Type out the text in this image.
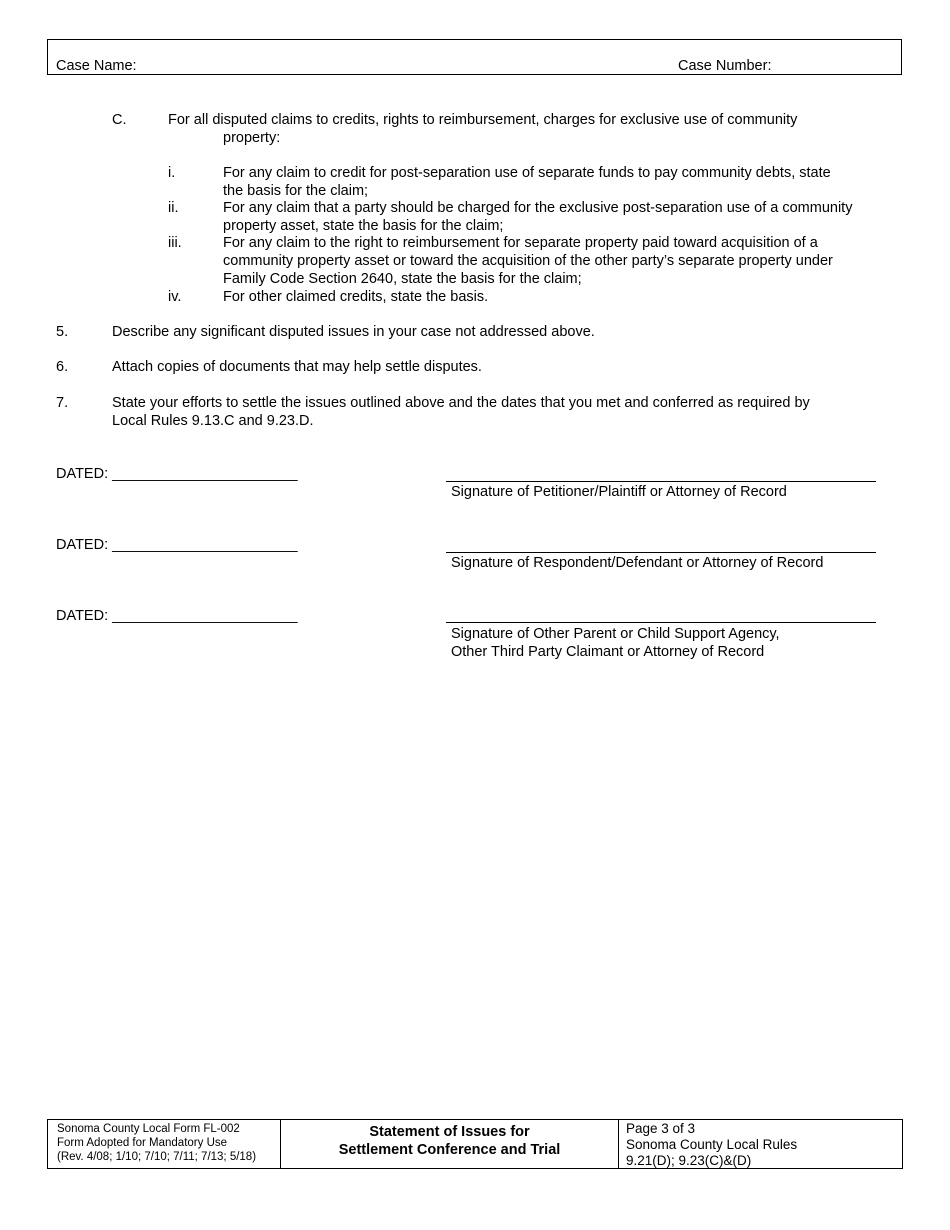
Case Name:	Case Number:
C.	For all disputed claims to credits, rights to reimbursement, charges for exclusive use of community
property:
i.	For any claim to credit for post-separation use of separate funds to pay community debts, state
the basis for the claim;
ii.	For any claim that a party should be charged for the exclusive post-separation use of a community
property asset, state the basis for the claim;
iii.	For any claim to the right to reimbursement for separate property paid toward acquisition of a
community property asset or toward the acquisition of the other party’s separate property under
Family Code Section 2640, state the basis for the claim;
iv.	For other claimed credits, state the basis.
5.	Describe any significant disputed issues in your case not addressed above.
6.	Attach copies of documents that may help settle disputes.
7.	State your efforts to settle the issues outlined above and the dates that you met and conferred as required by
Local Rules 9.13.C and 9.23.D.
DATED: _______________________
Signature of Petitioner/Plaintiff or Attorney of Record
DATED: _______________________
Signature of Respondent/Defendant or Attorney of Record
DATED: _______________________
Signature of Other Parent or Child Support Agency,
Other Third Party Claimant or Attorney of Record
Sonoma County Local Form FL-002
Form Adopted for Mandatory Use
(Rev. 4/08; 1/10; 7/10; 7/11; 7/13; 5/18)
Statement of Issues for
Settlement Conference and Trial
Page 3 of 3
Sonoma County Local Rules
9.21(D); 9.23(C)&(D)
